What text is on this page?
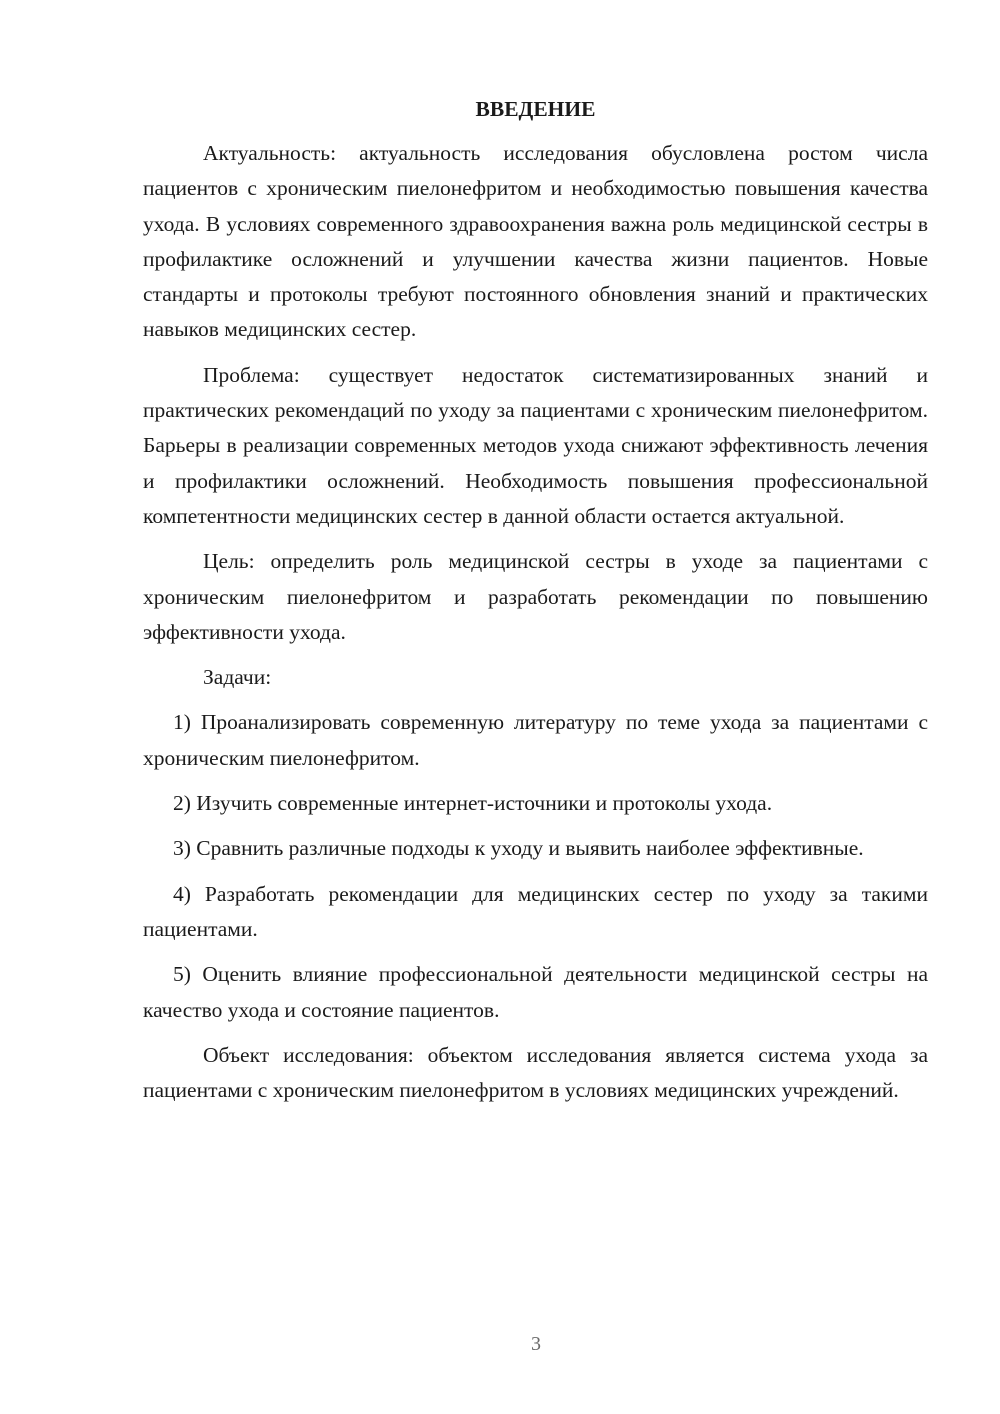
ВВЕДЕНИЕ

Актуальность: актуальность исследования обусловлена ростом числа пациентов с хроническим пиелонефритом и необходимостью повышения качества ухода. В условиях современного здравоохранения важна роль медицинской сестры в профилактике осложнений и улучшении качества жизни пациентов. Новые стандарты и протоколы требуют постоянного обновления знаний и практических навыков медицинских сестер.

Проблема: существует недостаток систематизированных знаний и практических рекомендаций по уходу за пациентами с хроническим пиелонефритом. Барьеры в реализации современных методов ухода снижают эффективность лечения и профилактики осложнений. Необходимость повышения профессиональной компетентности медицинских сестер в данной области остается актуальной.

Цель: определить роль медицинской сестры в уходе за пациентами с хроническим пиелонефритом и разработать рекомендации по повышению эффективности ухода.

Задачи:

1) Проанализировать современную литературу по теме ухода за пациентами с хроническим пиелонефритом.

2) Изучить современные интернет-источники и протоколы ухода.

3) Сравнить различные подходы к уходу и выявить наиболее эффективные.

4) Разработать рекомендации для медицинских сестер по уходу за такими пациентами.

5) Оценить влияние профессиональной деятельности медицинской сестры на качество ухода и состояние пациентов.

Объект исследования: объектом исследования является система ухода за пациентами с хроническим пиелонефритом в условиях медицинских учреждений.

3
